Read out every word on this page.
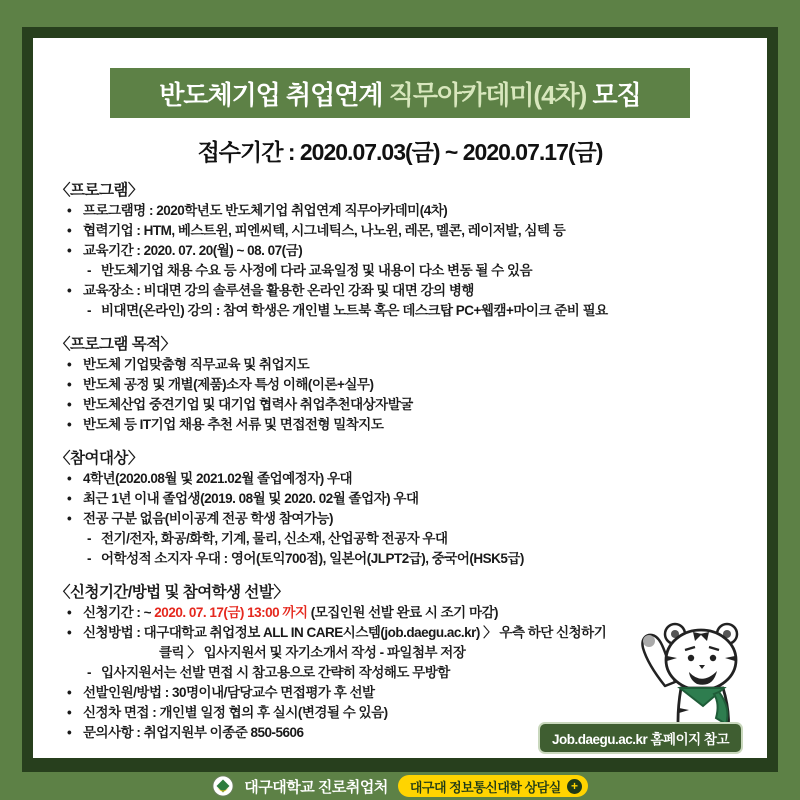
반도체기업 취업연계 직무아카데미(4차) 모집
접수기간 : 2020.07.03(금) ~ 2020.07.17(금)
〈프로그램〉
• 프로그램명 : 2020학년도 반도체기업 취업연계 직무아카데미(4차)
• 협력기업 : HTM, 베스트윈, 피엔씨텍, 시그네틱스, 나노윈, 레몬, 멜콘, 레이저발, 심텍 등
• 교육기간 : 2020. 07. 20(월) ~ 08. 07(금)
- 반도체기업 채용 수요 등 사정에 다라 교육일정 및 내용이 다소 변동 될 수 있음
• 교육장소 : 비대면 강의 솔루션을 활용한 온라인 강좌 및 대면 강의 병행
- 비대면(온라인) 강의 : 참여 학생은 개인별 노트북 혹은 데스크탑 PC+웹캠+마이크 준비 필요
〈프로그램 목적〉
• 반도체 기업맞춤형 직무교육 및 취업지도
• 반도체 공정 및 개별(제품)소자 특성 이해(이론+실무)
• 반도체산업 중견기업 및 대기업 협력사 취업추천대상자발굴
• 반도체 등 IT기업 채용 추천 서류 및 면접전형 밀착지도
〈참여대상〉
• 4학년(2020.08월 및 2021.02월 졸업예정자) 우대
• 최근 1년 이내 졸업생(2019. 08월 및 2020. 02월 졸업자) 우대
• 전공 구분 없음(비이공계 전공 학생 참여가능)
- 전기/전자, 화공/화학, 기계, 물리, 신소재, 산업공학 전공자 우대
- 어학성적 소지자 우대 : 영어(토익700점), 일본어(JLPT2급), 중국어(HSK5급)
〈신청기간/방법 및 참여학생 선발〉
• 신청기간 : ~ 2020. 07. 17(금) 13:00 까지 (모집인원 선발 완료 시 조기 마감)
• 신청방법 : 대구대학교 취업정보 ALL IN CARE시스템(job.daegu.ac.kr) 〉 우측 하단 신청하기
클릭 〉 입사지원서 및 자기소개서 작성 - 파일첨부 저장
- 입사지원서는 선발 면접 시 참고용으로 간략히 작성해도 무방함
• 선발인원/방법 : 30명이내/담당교수 면접평가 후 선발
• 신정차 면접 : 개인별 일정 협의 후 실시(변경될 수 있음)
• 문의사항 : 취업지원부 이종준 850-5606	Job.daegu.ac.kr 홈페이지 참고
대구대학교 진로취업처 대구대 정보통신대학 상담실 +
